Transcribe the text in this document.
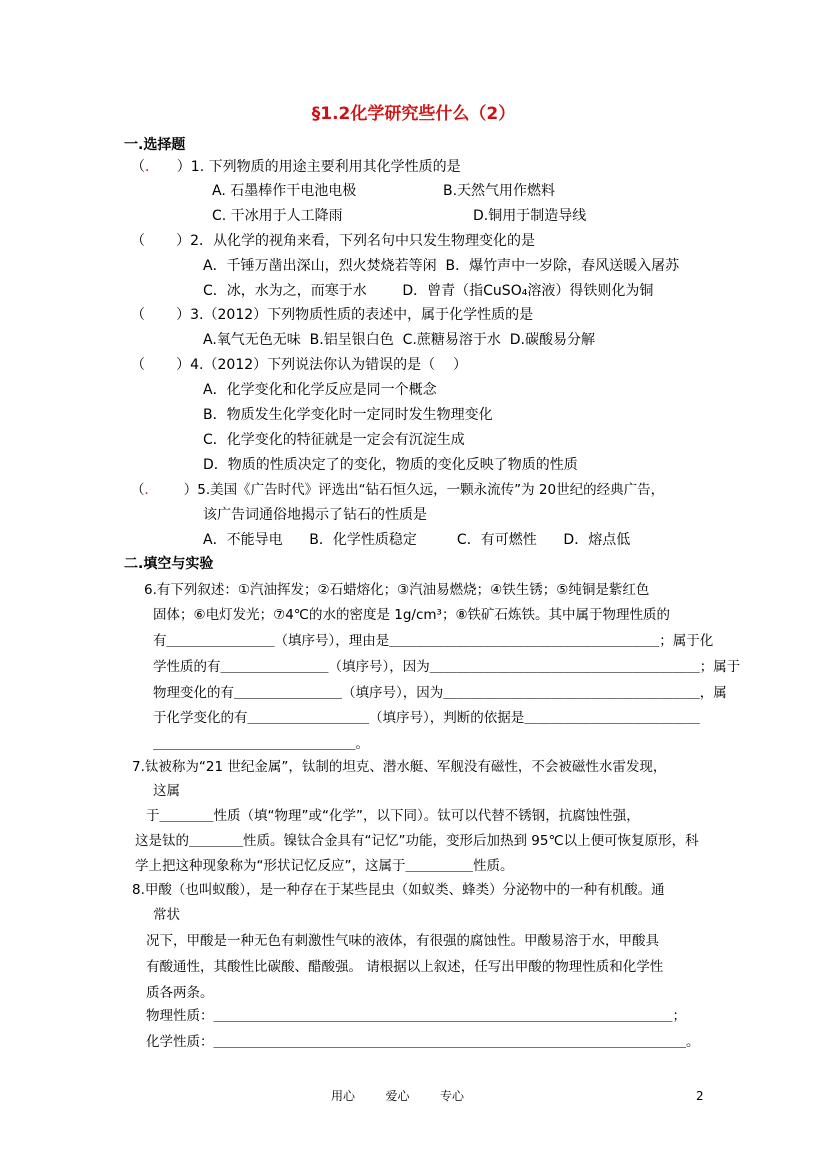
§1.2化学研究些什么（2）
一.选择题
（．    ）1. 下列物质的用途主要利用其化学性质的是
A. 石墨棒作干电池电极	B.天然气用作燃料
C. 干冰用于人工降雨	D.铜用于制造导线
（       ）2．从化学的视角来看，下列名句中只发生物理变化的是
A．千锤万凿出深山，烈火焚烧若等闲  B．爆竹声中一岁除，春风送暖入屠苏
C．冰，水为之，而寒于水        D．曾青（指CuSO₄溶液）得铁则化为铜
（       ）3.（2012）下列物质性质的表述中，属于化学性质的是
A.氧气无色无味  B.铝呈银白色  C.蔗糖易溶于水  D.碳酸易分解
（       ）4.（2012）下列说法你认为错误的是（    ）
A．化学变化和化学反应是同一个概念
B．物质发生化学变化时一定同时发生物理变化
C．化学变化的特征就是一定会有沉淀生成
D．物质的性质决定了的变化，物质的变化反映了物质的性质
（．      ）5.美国《广告时代》评选出“钻石恒久远，一颗永流传”为 20世纪的经典广告，
该广告词通俗地揭示了钻石的性质是
A．不能导电      B．化学性质稳定         C．有可燃性      D．熔点低
二.填空与实验
6.有下列叙述：①汽油挥发；②石蜡熔化；③汽油易燃烧；④铁生锈；⑤纯铜是紫红色
固体；⑥电灯发光；⑦4℃的水的密度是 1g/cm³；⑧铁矿石炼铁。其中属于物理性质的
有＿＿＿＿＿＿＿＿（填序号），理由是＿＿＿＿＿＿＿＿＿＿＿＿＿＿＿＿＿＿＿＿；属于化
学性质的有＿＿＿＿＿＿＿＿（填序号），因为＿＿＿＿＿＿＿＿＿＿＿＿＿＿＿＿＿＿＿＿；属于
物理变化的有＿＿＿＿＿＿＿＿（填序号），因为＿＿＿＿＿＿＿＿＿＿＿＿＿＿＿＿＿＿＿，属
于化学变化的有＿＿＿＿＿＿＿＿＿（填序号），判断的依据是＿＿＿＿＿＿＿＿＿＿＿＿＿
＿＿＿＿＿＿＿＿＿＿＿＿＿＿＿。
7.钛被称为“21 世纪金属”，钛制的坦克、潜水艇、军舰没有磁性，不会被磁性水雷发现，
这属
于＿＿＿＿性质（填“物理”或“化学”，以下同）。钛可以代替不锈钢，抗腐蚀性强，
这是钛的＿＿＿＿性质。镍钛合金具有“记忆”功能，变形后加热到 95℃以上便可恢复原形，科
学上把这种现象称为“形状记忆反应”，这属于＿＿＿＿＿性质。
8.甲酸（也叫蚁酸），是一种存在于某些昆虫（如蚁类、蜂类）分泌物中的一种有机酸。通
常状
况下，甲酸是一种无色有刺激性气味的液体，有很强的腐蚀性。甲酸易溶于水，甲酸具
有酸通性，其酸性比碳酸、醋酸强。 请根据以上叙述，任写出甲酸的物理性质和化学性
质各两条。
物理性质：＿＿＿＿＿＿＿＿＿＿＿＿＿＿＿＿＿＿＿＿＿＿＿＿＿＿＿＿＿＿＿＿＿＿；
化学性质：＿＿＿＿＿＿＿＿＿＿＿＿＿＿＿＿＿＿＿＿＿＿＿＿＿＿＿＿＿＿＿＿＿＿＿。
用心        爱心        专心	2
